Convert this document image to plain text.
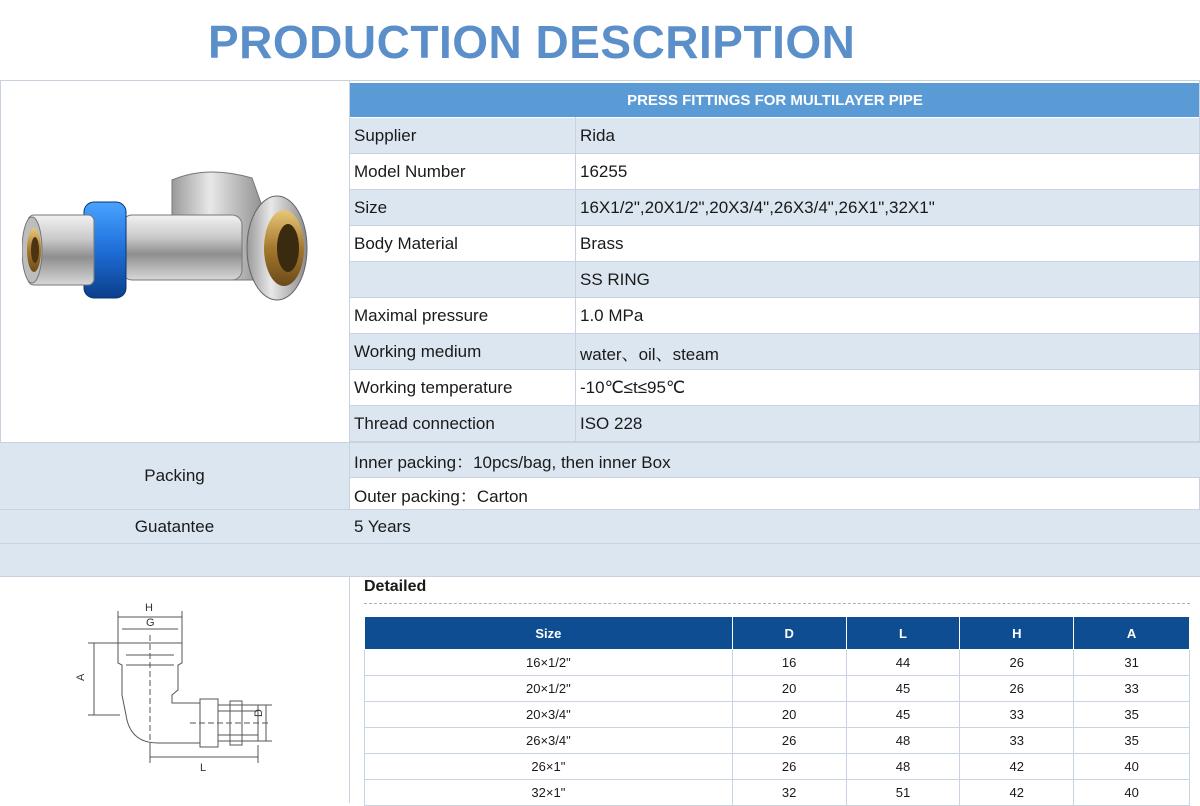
PRODUCTION DESCRIPTION
PRESS FITTINGS FOR MULTILAYER PIPE
Supplier	Rida
Model Number	16255
Size	16X1/2",20X1/2",20X3/4",26X3/4",26X1",32X1"
Body Material	Brass
SS RING
Maximal pressure	1.0 MPa
Working medium	water、oil、steam
Working temperature	-10℃≤t≤95℃
Thread connection	ISO 228
Packing
Inner packing：10pcs/bag, then inner Box
Outer packing：Carton
Guatantee	5 Years
H
G
A
D
L
Detailed
Size	D	L	H	A
16×1/2"	16	44	26	31
20×1/2"	20	45	26	33
20×3/4"	20	45	33	35
26×3/4"	26	48	33	35
26×1"	26	48	42	40
32×1"	32	51	42	40
